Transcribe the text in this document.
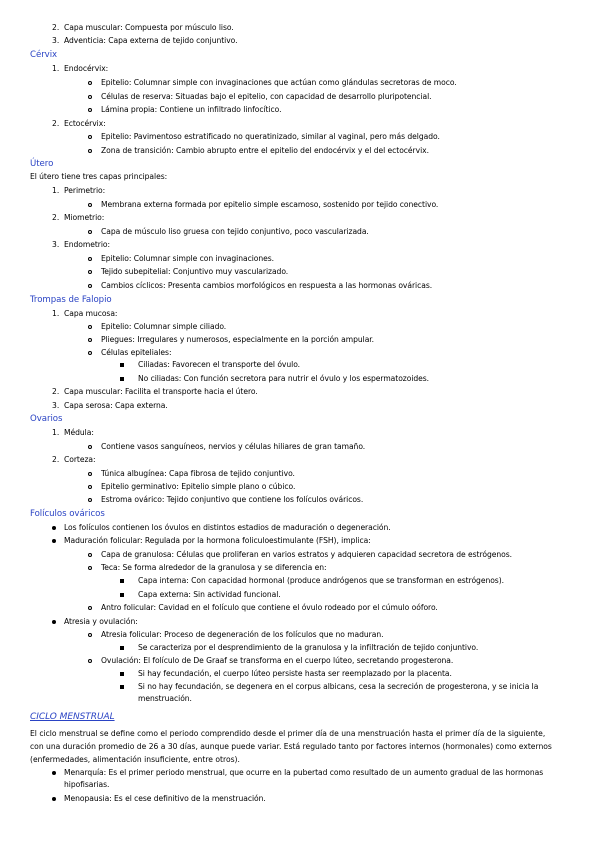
2. Capa muscular: Compuesta por músculo liso.
3. Adventicia: Capa externa de tejido conjuntivo.
Cérvix
1. Endocérvix:
Epitelio: Columnar simple con invaginaciones que actúan como glándulas secretoras de moco.
Células de reserva: Situadas bajo el epitelio, con capacidad de desarrollo pluripotencial.
Lámina propia: Contiene un infiltrado linfocítico.
2. Ectocérvix:
Epitelio: Pavimentoso estratificado no queratinizado, similar al vaginal, pero más delgado.
Zona de transición: Cambio abrupto entre el epitelio del endocérvix y el del ectocérvix.
Útero
El útero tiene tres capas principales:
1. Perimetrio:
Membrana externa formada por epitelio simple escamoso, sostenido por tejido conectivo.
2. Miometrio:
Capa de músculo liso gruesa con tejido conjuntivo, poco vascularizada.
3. Endometrio:
Epitelio: Columnar simple con invaginaciones.
Tejido subepitelial: Conjuntivo muy vascularizado.
Cambios cíclicos: Presenta cambios morfológicos en respuesta a las hormonas ováricas.
Trompas de Falopio
1. Capa mucosa:
Epitelio: Columnar simple ciliado.
Pliegues: Irregulares y numerosos, especialmente en la porción ampular.
Células epiteliales:
Ciliadas: Favorecen el transporte del óvulo.
No ciliadas: Con función secretora para nutrir el óvulo y los espermatozoides.
2. Capa muscular: Facilita el transporte hacia el útero.
3. Capa serosa: Capa externa.
Ovarios
1. Médula:
Contiene vasos sanguíneos, nervios y células hiliares de gran tamaño.
2. Corteza:
Túnica albugínea: Capa fibrosa de tejido conjuntivo.
Epitelio germinativo: Epitelio simple plano o cúbico.
Estroma ovárico: Tejido conjuntivo que contiene los folículos ováricos.
Folículos ováricos
Los folículos contienen los óvulos en distintos estadios de maduración o degeneración.
Maduración folicular: Regulada por la hormona foliculoestimulante (FSH), implica:
Capa de granulosa: Células que proliferan en varios estratos y adquieren capacidad secretora de estrógenos.
Teca: Se forma alrededor de la granulosa y se diferencia en:
Capa interna: Con capacidad hormonal (produce andrógenos que se transforman en estrógenos).
Capa externa: Sin actividad funcional.
Antro folicular: Cavidad en el folículo que contiene el óvulo rodeado por el cúmulo oóforo.
Atresia y ovulación:
Atresia folicular: Proceso de degeneración de los folículos que no maduran.
Se caracteriza por el desprendimiento de la granulosa y la infiltración de tejido conjuntivo.
Ovulación: El folículo de De Graaf se transforma en el cuerpo lúteo, secretando progesterona.
Si hay fecundación, el cuerpo lúteo persiste hasta ser reemplazado por la placenta.
Si no hay fecundación, se degenera en el corpus albicans, cesa la secreción de progesterona, y se inicia la
menstruación.
CICLO MENSTRUAL
El ciclo menstrual se define como el periodo comprendido desde el primer día de una menstruación hasta el primer día de la siguiente,
con una duración promedio de 26 a 30 días, aunque puede variar. Está regulado tanto por factores internos (hormonales) como externos
(enfermedades, alimentación insuficiente, entre otros).
Menarquía: Es el primer periodo menstrual, que ocurre en la pubertad como resultado de un aumento gradual de las hormonas
hipofisarias.
Menopausia: Es el cese definitivo de la menstruación.
